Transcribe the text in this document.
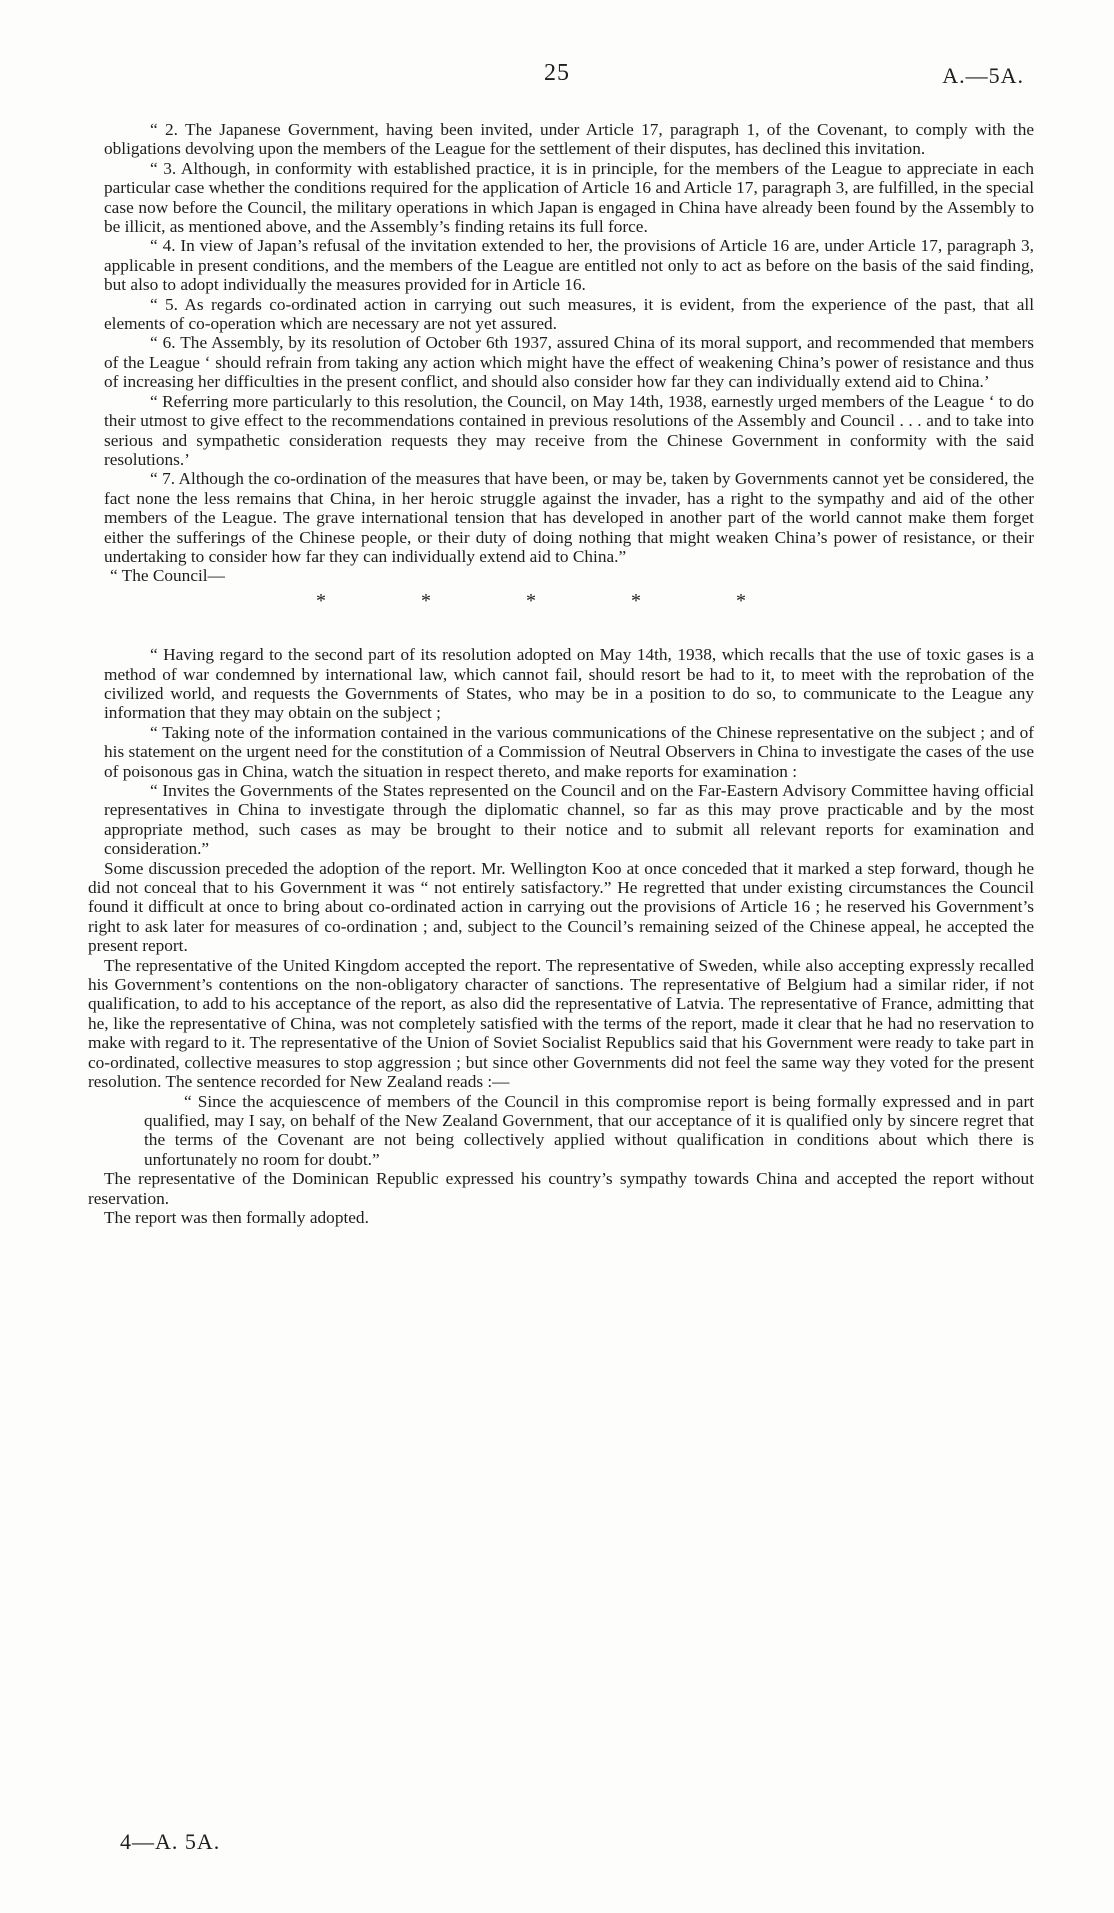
25	A.—5A.

“ 2. The Japanese Government, having been invited, under Article 17, paragraph 1, of the Covenant, to comply with the obligations devolving upon the members of the League for the settlement of their disputes, has declined this invitation.

“ 3. Although, in conformity with established practice, it is in principle, for the members of the League to appreciate in each particular case whether the conditions required for the application of Article 16 and Article 17, paragraph 3, are fulfilled, in the special case now before the Council, the military operations in which Japan is engaged in China have already been found by the Assembly to be illicit, as mentioned above, and the Assembly’s finding retains its full force.

“ 4. In view of Japan’s refusal of the invitation extended to her, the provisions of Article 16 are, under Article 17, paragraph 3, applicable in present conditions, and the members of the League are entitled not only to act as before on the basis of the said finding, but also to adopt individually the measures provided for in Article 16.

“ 5. As regards co-ordinated action in carrying out such measures, it is evident, from the experience of the past, that all elements of co-operation which are necessary are not yet assured.

“ 6. The Assembly, by its resolution of October 6th 1937, assured China of its moral support, and recommended that members of the League ‘ should refrain from taking any action which might have the effect of weakening China’s power of resistance and thus of increasing her difficulties in the present conflict, and should also consider how far they can individually extend aid to China.’

“ Referring more particularly to this resolution, the Council, on May 14th, 1938, earnestly urged members of the League ‘ to do their utmost to give effect to the recommendations contained in previous resolutions of the Assembly and Council . . . and to take into serious and sympathetic consideration requests they may receive from the Chinese Government in conformity with the said resolutions.’

“ 7. Although the co-ordination of the measures that have been, or may be, taken by Governments cannot yet be considered, the fact none the less remains that China, in her heroic struggle against the invader, has a right to the sympathy and aid of the other members of the League. The grave international tension that has developed in another part of the world cannot make them forget either the sufferings of the Chinese people, or their duty of doing nothing that might weaken China’s power of resistance, or their undertaking to consider how far they can individually extend aid to China.”

“ The Council—

*	*	*	*	*

“ Having regard to the second part of its resolution adopted on May 14th, 1938, which recalls that the use of toxic gases is a method of war condemned by international law, which cannot fail, should resort be had to it, to meet with the reprobation of the civilized world, and requests the Governments of States, who may be in a position to do so, to communicate to the League any information that they may obtain on the subject ;

“ Taking note of the information contained in the various communications of the Chinese representative on the subject ; and of his statement on the urgent need for the constitution of a Commission of Neutral Observers in China to investigate the cases of the use of poisonous gas in China, watch the situation in respect thereto, and make reports for examination :

“ Invites the Governments of the States represented on the Council and on the Far-Eastern Advisory Committee having official representatives in China to investigate through the diplomatic channel, so far as this may prove practicable and by the most appropriate method, such cases as may be brought to their notice and to submit all relevant reports for examination and consideration.”

Some discussion preceded the adoption of the report. Mr. Wellington Koo at once conceded that it marked a step forward, though he did not conceal that to his Government it was “ not entirely satisfactory.” He regretted that under existing circumstances the Council found it difficult at once to bring about co-ordinated action in carrying out the provisions of Article 16 ; he reserved his Government’s right to ask later for measures of co-ordination ; and, subject to the Council’s remaining seized of the Chinese appeal, he accepted the present report.

The representative of the United Kingdom accepted the report. The representative of Sweden, while also accepting expressly recalled his Government’s contentions on the non-obligatory character of sanctions. The representative of Belgium had a similar rider, if not qualification, to add to his acceptance of the report, as also did the representative of Latvia. The representative of France, admitting that he, like the representative of China, was not completely satisfied with the terms of the report, made it clear that he had no reservation to make with regard to it. The representative of the Union of Soviet Socialist Republics said that his Government were ready to take part in co-ordinated, collective measures to stop aggression ; but since other Governments did not feel the same way they voted for the present resolution. The sentence recorded for New Zealand reads :—

“ Since the acquiescence of members of the Council in this compromise report is being formally expressed and in part qualified, may I say, on behalf of the New Zealand Government, that our acceptance of it is qualified only by sincere regret that the terms of the Covenant are not being collectively applied without qualification in conditions about which there is unfortunately no room for doubt.”

The representative of the Dominican Republic expressed his country’s sympathy towards China and accepted the report without reservation.

The report was then formally adopted.

4—A. 5A.
